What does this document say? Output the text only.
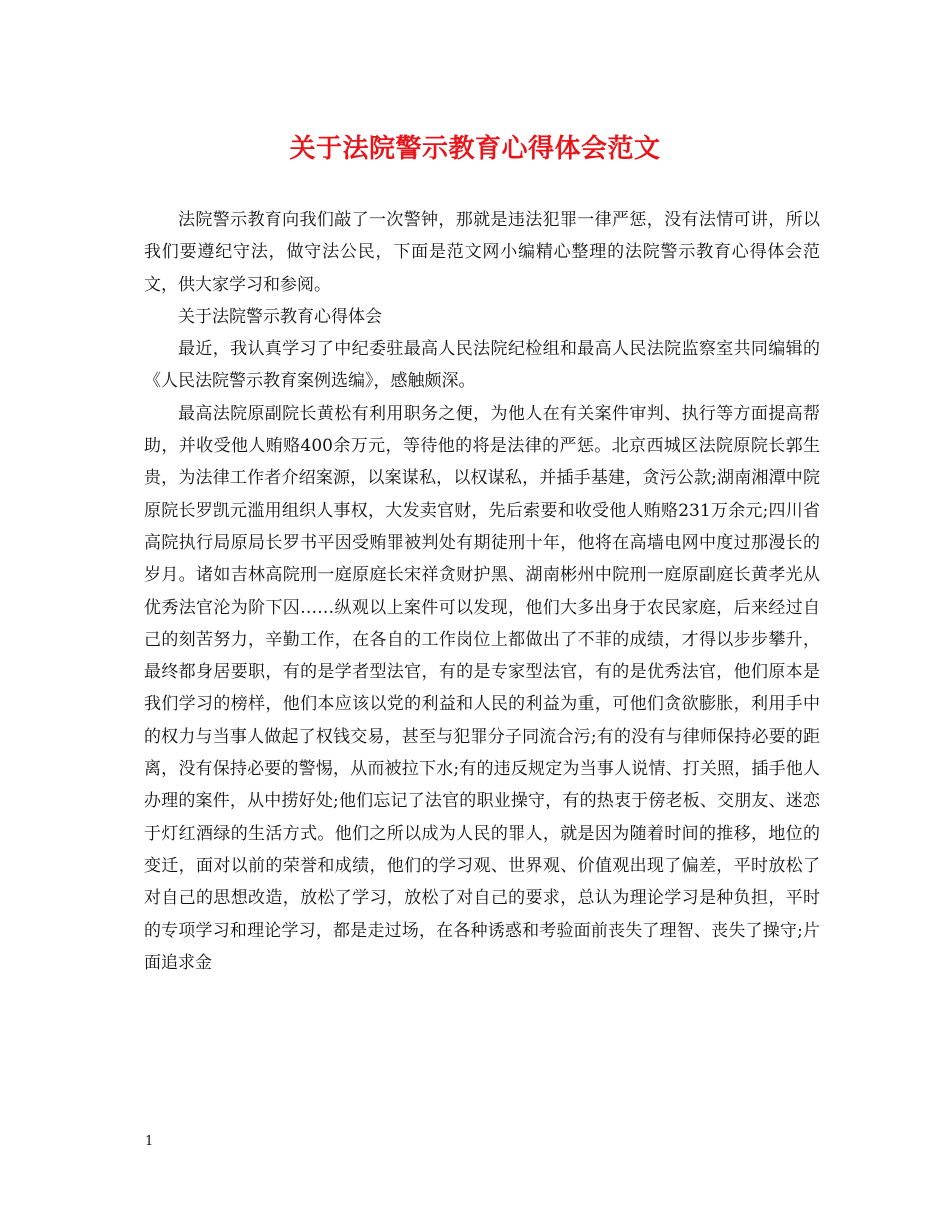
关于法院警示教育心得体会范文

法院警示教育向我们敲了一次警钟，那就是违法犯罪一律严惩，没有法情可讲，所以我们要遵纪守法，做守法公民，下面是范文网小编精心整理的法院警示教育心得体会范文，供大家学习和参阅。

关于法院警示教育心得体会

最近，我认真学习了中纪委驻最高人民法院纪检组和最高人民法院监察室共同编辑的《人民法院警示教育案例选编》，感触颇深。

最高法院原副院长黄松有利用职务之便，为他人在有关案件审判、执行等方面提高帮助，并收受他人贿赂400余万元，等待他的将是法律的严惩。北京西城区法院原院长郭生贵，为法律工作者介绍案源，以案谋私，以权谋私，并插手基建，贪污公款;湖南湘潭中院原院长罗凯元滥用组织人事权，大发卖官财，先后索要和收受他人贿赂231万余元;四川省高院执行局原局长罗书平因受贿罪被判处有期徒刑十年，他将在高墙电网中度过那漫长的岁月。诸如吉林高院刑一庭原庭长宋祥贪财护黑、湖南彬州中院刑一庭原副庭长黄孝光从优秀法官沦为阶下囚……纵观以上案件可以发现，他们大多出身于农民家庭，后来经过自己的刻苦努力，辛勤工作，在各自的工作岗位上都做出了不菲的成绩，才得以步步攀升，最终都身居要职，有的是学者型法官，有的是专家型法官，有的是优秀法官，他们原本是我们学习的榜样，他们本应该以党的利益和人民的利益为重，可他们贪欲膨胀，利用手中的权力与当事人做起了权钱交易，甚至与犯罪分子同流合污;有的没有与律师保持必要的距离，没有保持必要的警惕，从而被拉下水;有的违反规定为当事人说情、打关照，插手他人办理的案件，从中捞好处;他们忘记了法官的职业操守，有的热衷于傍老板、交朋友、迷恋于灯红酒绿的生活方式。他们之所以成为人民的罪人，就是因为随着时间的推移，地位的变迁，面对以前的荣誉和成绩，他们的学习观、世界观、价值观出现了偏差，平时放松了对自己的思想改造，放松了学习，放松了对自己的要求，总认为理论学习是种负担，平时的专项学习和理论学习，都是走过场，在各种诱惑和考验面前丧失了理智、丧失了操守;片面追求金

1
